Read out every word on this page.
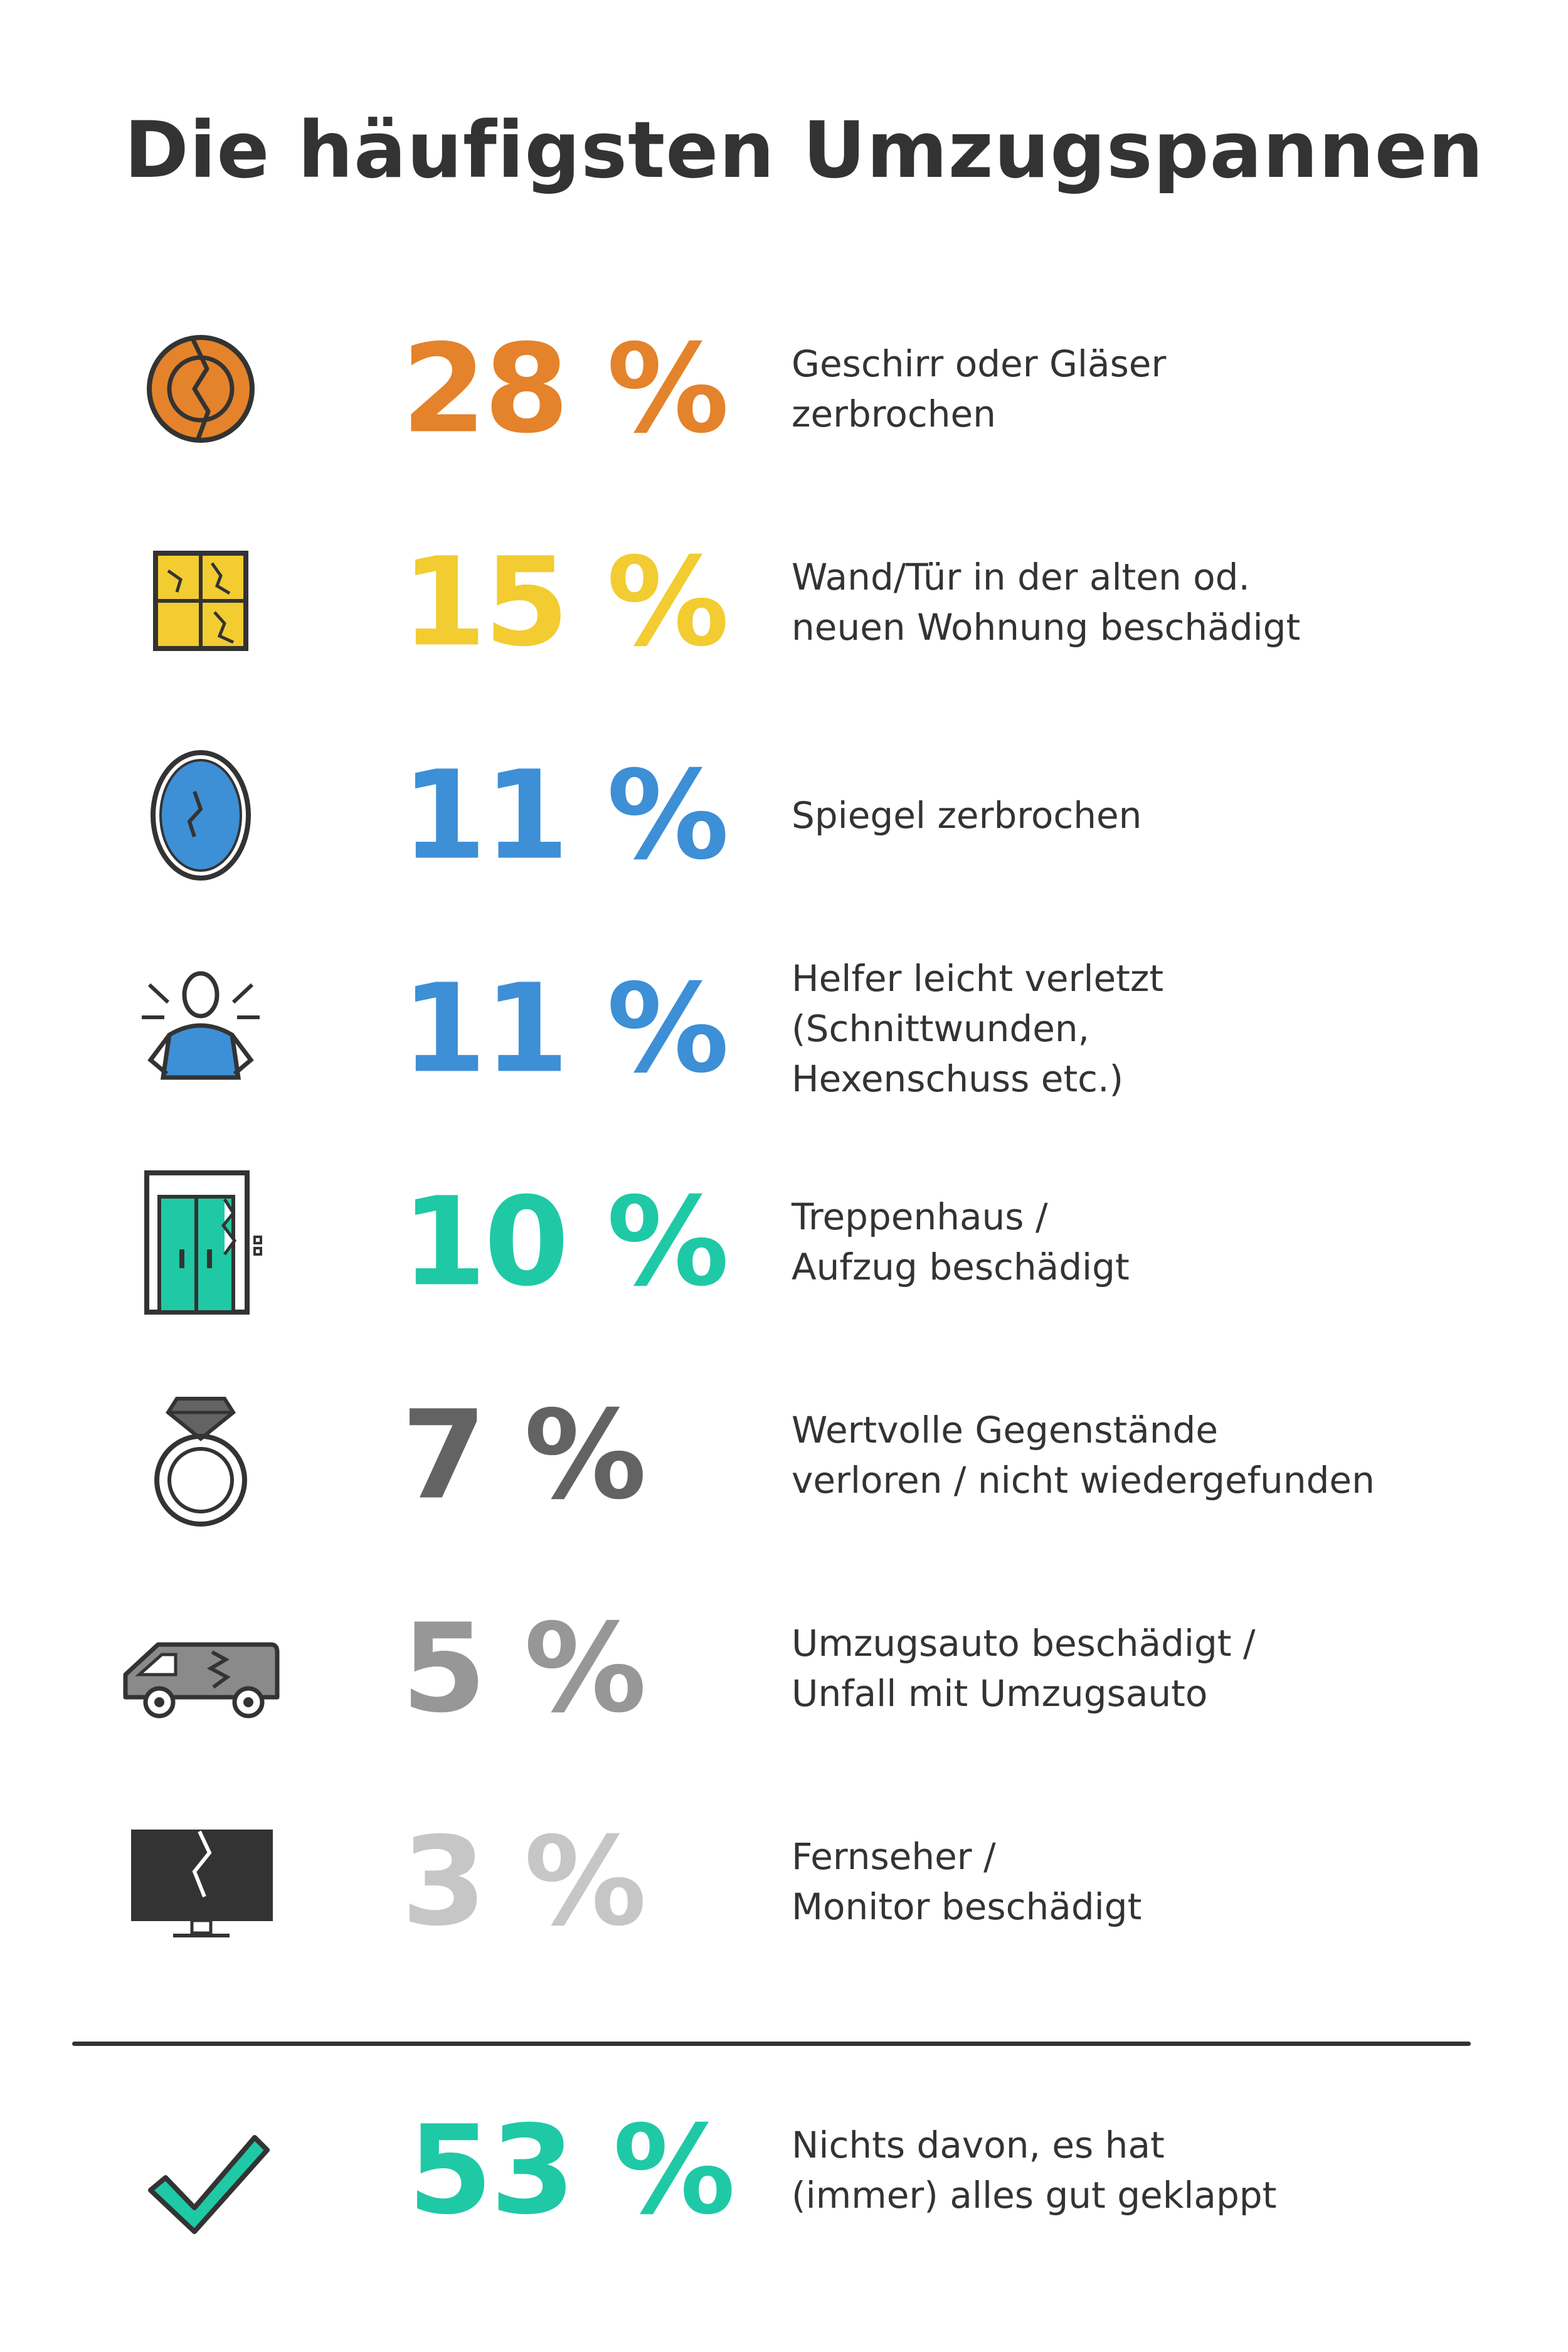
Die häufigsten Umzugspannen
28 % Geschirr oder Gläser
zerbrochen
15 % Wand/Tür in der alten od.
neuen Wohnung beschädigt
11 % Spiegel zerbrochen
11 % Helfer leicht verletzt
(Schnittwunden,
Hexenschuss etc.)
10 % Treppenhaus /
Aufzug beschädigt
7 %	Wertvolle Gegenstände
verloren / nicht wiedergefunden
5 %	Umzugsauto beschädigt /
Unfall mit Umzugsauto
3 %	Fernseher /
Monitor beschädigt
53 % Nichts davon, es hat
(immer) alles gut geklappt
